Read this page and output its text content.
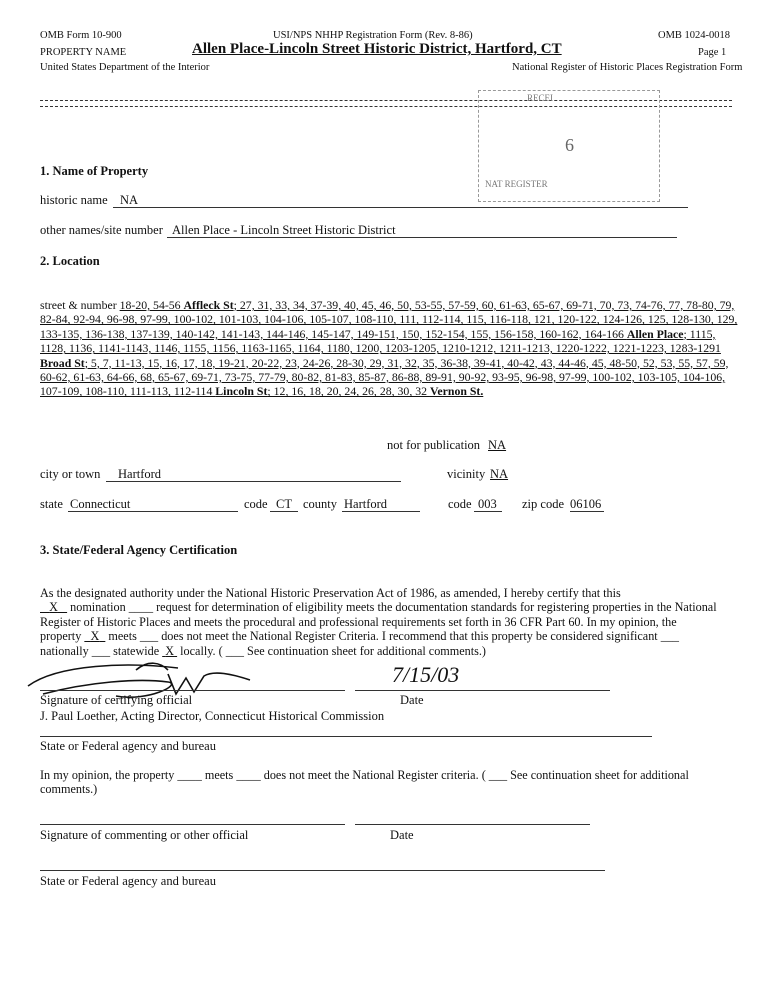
OMB Form 10-900	USI/NPS NHHP Registration Form (Rev. 8-86)	OMB 1024-0018
PROPERTY NAME	Allen Place-Lincoln Street Historic District, Hartford, CT	Page 1
United States Department of the Interior	National Register of Historic Places Registration Form
RECEI
6
NAT REGISTER
1. Name of Property
historic name NA
other names/site number Allen Place - Lincoln Street Historic District
2. Location
street & number 18-20, 54-56 Affleck St; 27, 31, 33, 34, 37-39, 40, 45, 46, 50, 53-55, 57-59, 60, 61-63, 65-67, 69-71, 70, 73, 74-76, 77, 78-80, 79, 82-84, 92-94, 96-98, 97-99, 100-102, 101-103, 104-106, 105-107, 108-110, 111, 112-114, 115, 116-118, 121, 120-122, 124-126, 125, 128-130, 129, 133-135, 136-138, 137-139, 140-142, 141-143, 144-146, 145-147, 149-151, 150, 152-154, 155, 156-158, 160-162, 164-166 Allen Place; 1115, 1128, 1136, 1141-1143, 1146, 1155, 1156, 1163-1165, 1164, 1180, 1200, 1203-1205, 1210-1212, 1211-1213, 1220-1222, 1221-1223, 1283-1291 Broad St; 5, 7, 11-13, 15, 16, 17, 18, 19-21, 20-22, 23, 24-26, 28-30, 29, 31, 32, 35, 36-38, 39-41, 40-42, 43, 44-46, 45, 48-50, 52, 53, 55, 57, 59, 60-62, 61-63, 64-66, 68, 65-67, 69-71, 73-75, 77-79, 80-82, 81-83, 85-87, 86-88, 89-91, 90-92, 93-95, 96-98, 97-99, 100-102, 103-105, 104-106, 107-109, 108-110, 111-113, 112-114 Lincoln St; 12, 16, 18, 20, 24, 26, 28, 30, 32 Vernon St.
not for publication NA
city or town Hartford	vicinity NA
state Connecticut	code CT county Hartford	code 003 zip code 06106
3. State/Federal Agency Certification
As the designated authority under the National Historic Preservation Act of 1986, as amended, I hereby certify that this
X nomination ____ request for determination of eligibility meets the documentation standards for registering properties in the National Register of Historic Places and meets the procedural and professional requirements set forth in 36 CFR Part 60. In my opinion, the
property X meets ___ does not meet the National Register Criteria. I recommend that this property be considered significant ___
nationally ___ statewide X locally. ( ___ See continuation sheet for additional comments.)
7/15/03
Signature of certifying official	Date
J. Paul Loether, Acting Director, Connecticut Historical Commission
State or Federal agency and bureau
In my opinion, the property ____ meets ____ does not meet the National Register criteria. ( ___ See continuation sheet for additional comments.)
Signature of commenting or other official	Date
State or Federal agency and bureau
